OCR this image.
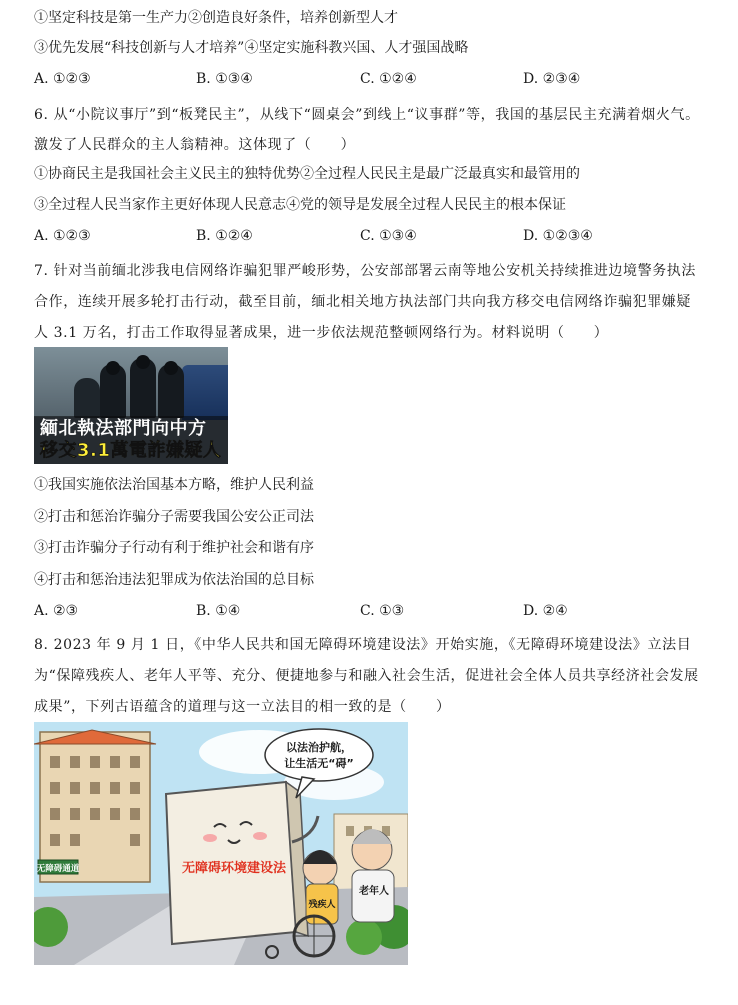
①坚定科技是第一生产力②创造良好条件，培养创新型人才
③优先发展“科技创新与人才培养”④坚定实施科教兴国、人才强国战略
A. ①②③	B. ①③④	C. ①②④	D. ②③④
6. 从“小院议事厅”到“板凳民主”，从线下“圆桌会”到线上“议事群”等，我国的基层民主充满着烟火气。激发了人民群众的主人翁精神。这体现了（　　）
①协商民主是我国社会主义民主的独特优势②全过程人民民主是最广泛最真实和最管用的
③全过程人民当家作主更好体现人民意志④党的领导是发展全过程人民民主的根本保证
A. ①②③	B. ①②④	C. ①③④	D. ①②③④
7. 针对当前缅北涉我电信网络诈骗犯罪严峻形势，公安部部署云南等地公安机关持续推进边境警务执法合作，连续开展多轮打击行动，截至目前，缅北相关地方执法部门共向我方移交电信网络诈骗犯罪嫌疑人 3.1 万名，打击工作取得显著成果，进一步依法规范整顿网络行为。材料说明（　　）
緬北執法部門向中方
移交3.1萬電詐嫌疑人
①我国实施依法治国基本方略，维护人民利益
②打击和惩治诈骗分子需要我国公安公正司法
③打击诈骗分子行动有利于维护社会和谐有序
④打击和惩治违法犯罪成为依法治国的总目标
A. ②③	B. ①④	C. ①③	D. ②④
8. 2023 年 9 月 1 日，《中华人民共和国无障碍环境建设法》开始实施，《无障碍环境建设法》立法目　为“保障残疾人、老年人平等、充分、便捷地参与和融入社会生活，促进社会全体人员共享经济社会发展成果”，下列古语蕴含的道理与这一立法目的相一致的是（　　）
无障碍通道	无障碍环境建设法
以法治护航，
让生活无“碍”
老年人
残疾人
